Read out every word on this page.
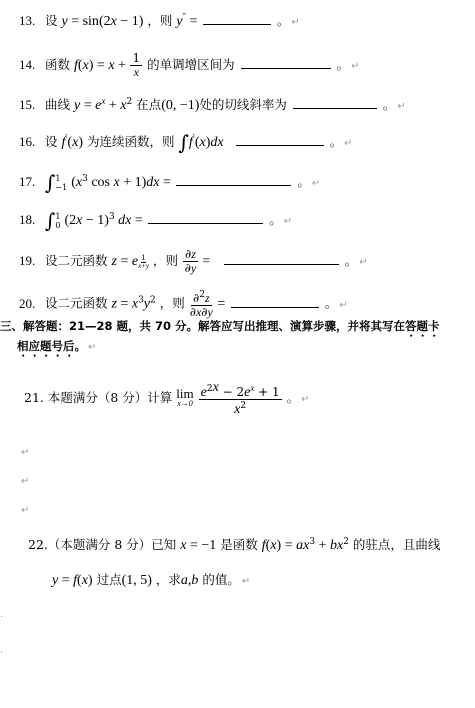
13. 设 y = sin(2x − 1) ，则 y″ =	。 ↵
14. 函数 $f(x) = x + \frac{1}{x}$ 的单调增区间为	。 ↵
15. 曲线 $y = e^x + x^2$ 在点(0, −1)处的切线斜率为	。 ↵
16. 设 f′(x) 为连续函数，则 ∫f′(x)dx	。 ↵
17. ∫ 1
−1 ($x^3$ cos x + 1)dx =	。 ↵
18. ∫ 1
0 $(2x - 1)^3$ dx =	。 ↵
19. 设二元函数 z = e $\frac{1}{x+y}$ ，则 $\frac{\partial z}{\partial y}$ =	。 ↵
20. 设二元函数 $z = x^3y^2$ ，则 $\frac{\partial^2z}{\partial x\partial y}$ =	。 ↵
三、解答题：21—28 题，共 70 分。解答应写出推理、演算步骤，并将其写在答题卡
相应题号后。 ↵
21. 本题满分（8 分）计算 lim
x→0
$\frac{e^{2x} - 2e^x + 1}{x^2}$ 。 ↵
↵
↵
↵
22.（本题满分 8 分）已知 x = −1 是函数 $f(x) = ax^3 + bx^2$ 的驻点，且曲线
y = f(x) 过点(1, 5) ，求a,b 的值。 ↵
·
·
